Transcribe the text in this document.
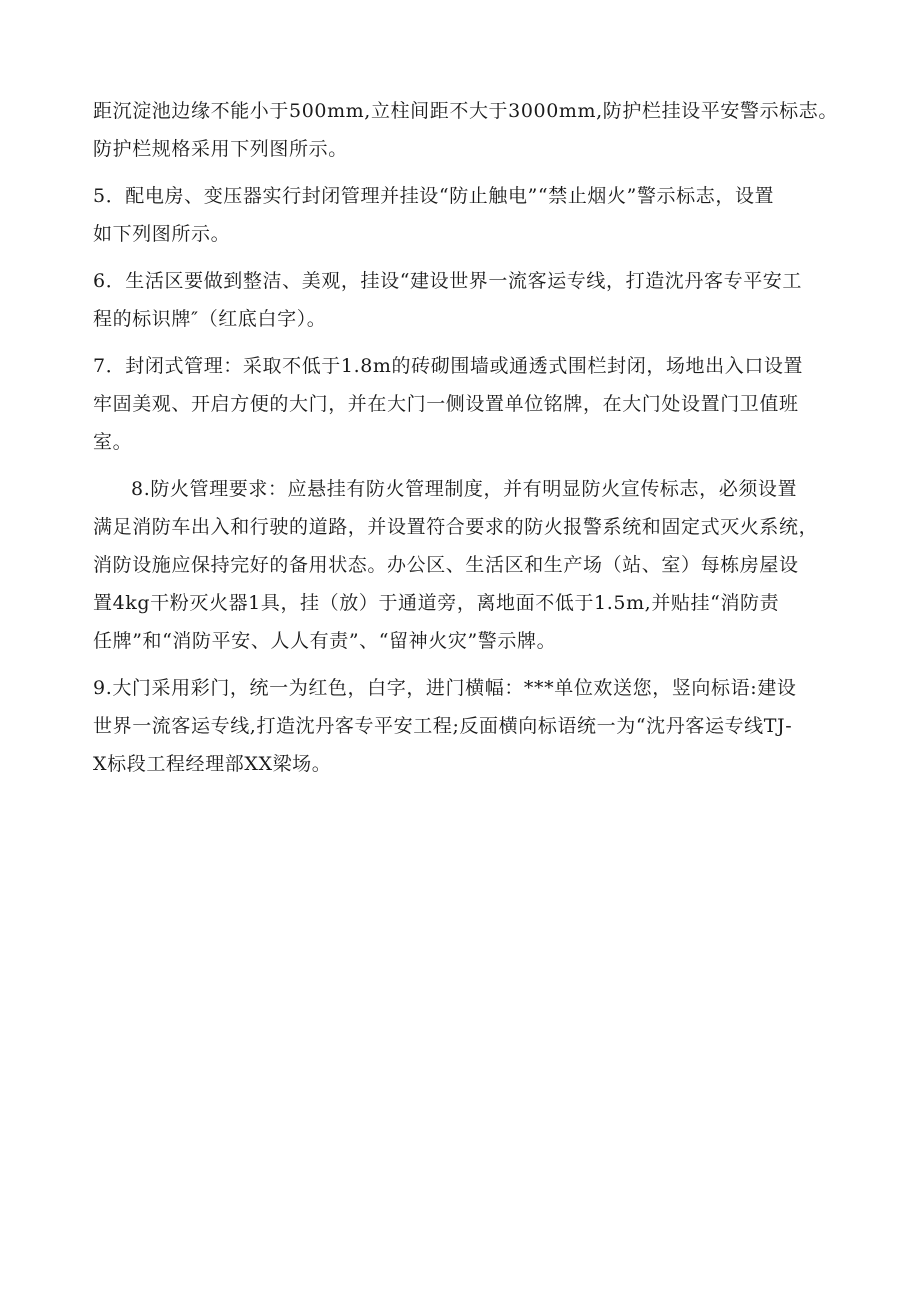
距沉淀池边缘不能小于500mm,立柱间距不大于3000mm,防护栏挂设平安警示标志。
防护栏规格采用下列图所示。
5．配电房、变压器实行封闭管理并挂设“防止触电”“禁止烟火”警示标志，设置
如下列图所示。
6．生活区要做到整洁、美观，挂设“建设世界一流客运专线，打造沈丹客专平安工
程的标识牌″（红底白字）。
7．封闭式管理：采取不低于1.8m的砖砌围墙或通透式围栏封闭，场地出入口设置
牢固美观、开启方便的大门，并在大门一侧设置单位铭牌，在大门处设置门卫值班
室。
8.防火管理要求：应悬挂有防火管理制度，并有明显防火宣传标志，必须设置
满足消防车出入和行驶的道路，并设置符合要求的防火报警系统和固定式灭火系统，
消防设施应保持完好的备用状态。办公区、生活区和生产场（站、室）每栋房屋设
置4kg干粉灭火器1具，挂（放）于通道旁，离地面不低于1.5m,并贴挂“消防责
任牌”和“消防平安、人人有责”、“留神火灾”警示牌。
9.大门采用彩门，统一为红色，白字，进门横幅：***单位欢送您，竖向标语:建设
世界一流客运专线,打造沈丹客专平安工程;反面横向标语统一为“沈丹客运专线TJ-
X标段工程经理部XX梁场。
